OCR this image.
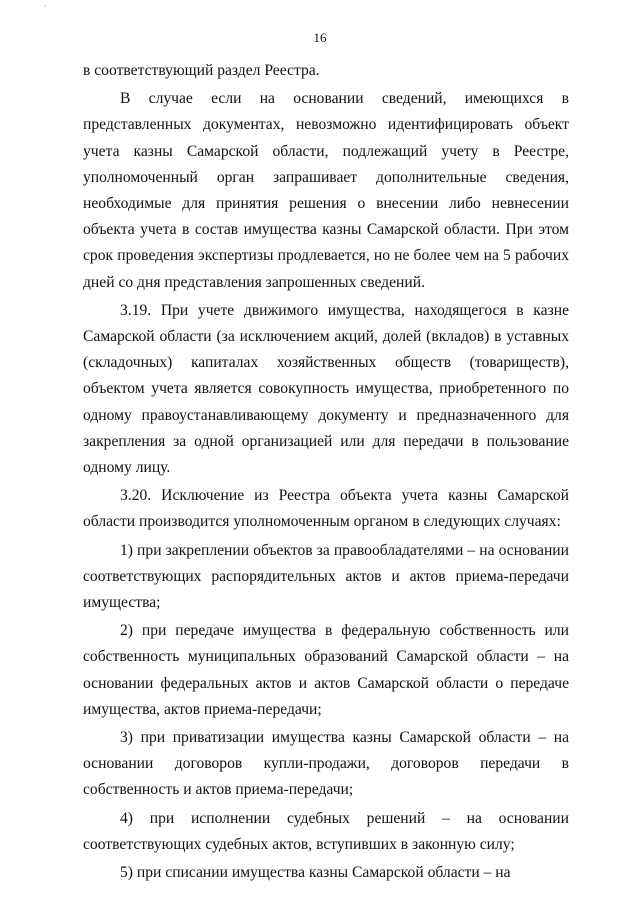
`
16

в соответствующий раздел Реестра.

В случае если на основании сведений, имеющихся в представленных документах, невозможно идентифицировать объект учета казны Самарской области, подлежащий учету в Реестре, уполномоченный орган запрашивает дополнительные сведения, необходимые для принятия решения о внесении либо невнесении объекта учета в состав имущества казны Самарской области. При этом срок проведения экспертизы продлевается, но не более чем на 5 рабочих дней со дня представления запрошенных сведений.

3.19. При учете движимого имущества, находящегося в казне Самарской области (за исключением акций, долей (вкладов) в уставных (складочных) капиталах хозяйственных обществ (товариществ), объектом учета является совокупность имущества, приобретенного по одному правоустанавливающему документу и предназначенного для закрепления за одной организацией или для передачи в пользование одному лицу.

3.20. Исключение из Реестра объекта учета казны Самарской области производится уполномоченным органом в следующих случаях:

1) при закреплении объектов за правообладателями – на основании соответствующих распорядительных актов и актов приема-передачи имущества;

2) при передаче имущества в федеральную собственность или собственность муниципальных образований Самарской области – на основании федеральных актов и актов Самарской области о передаче имущества, актов приема-передачи;

3) при приватизации имущества казны Самарской области – на основании договоров купли-продажи, договоров передачи в собственность и актов приема-передачи;

4) при исполнении судебных решений – на основании соответствующих судебных актов, вступивших в законную силу;

5) при списании имущества казны Самарской области – на
